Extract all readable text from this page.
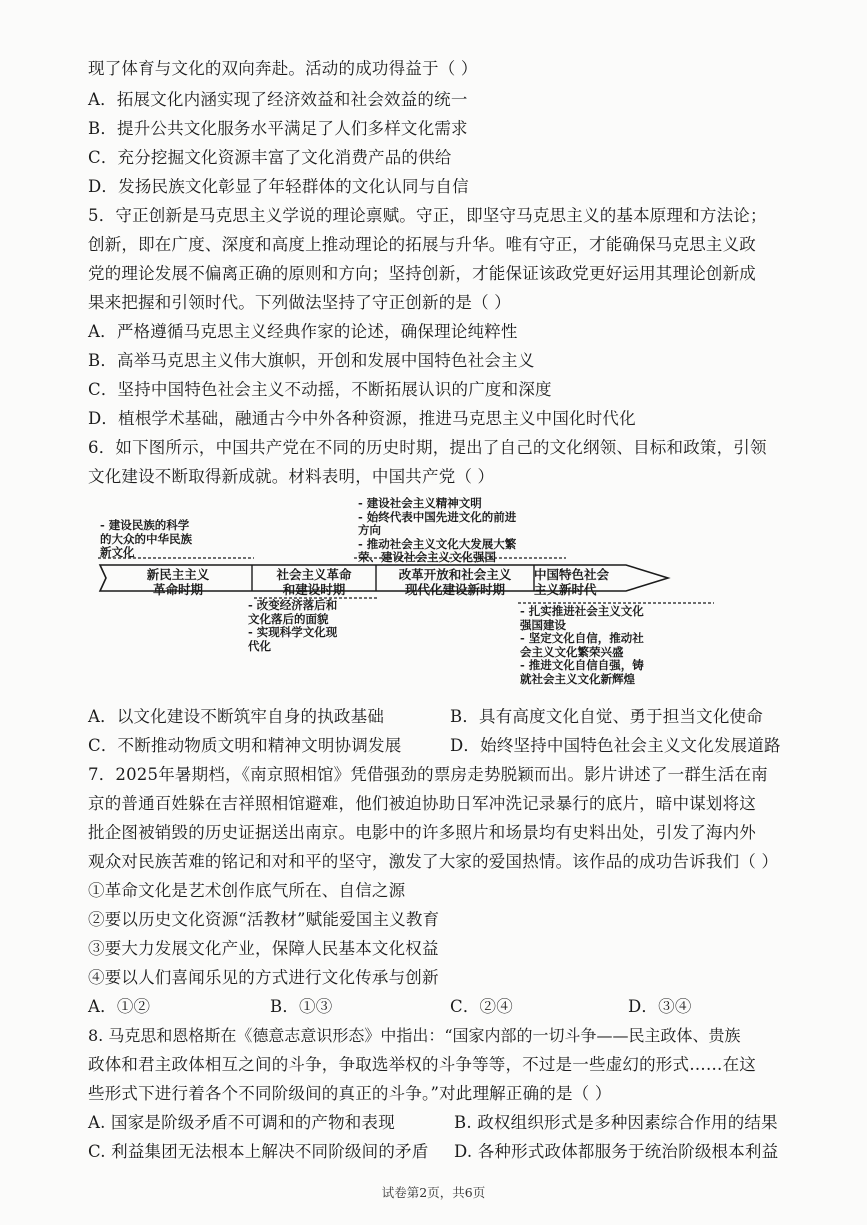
现了体育与文化的双向奔赴。活动的成功得益于（ ）
A．拓展文化内涵实现了经济效益和社会效益的统一
B．提升公共文化服务水平满足了人们多样文化需求
C．充分挖掘文化资源丰富了文化消费产品的供给
D．发扬民族文化彰显了年轻群体的文化认同与自信
5．守正创新是马克思主义学说的理论禀赋。守正，即坚守马克思主义的基本原理和方法论；
创新，即在广度、深度和高度上推动理论的拓展与升华。唯有守正，才能确保马克思主义政
党的理论发展不偏离正确的原则和方向；坚持创新，才能保证该政党更好运用其理论创新成
果来把握和引领时代。下列做法坚持了守正创新的是（ ）
A．严格遵循马克思主义经典作家的论述，确保理论纯粹性
B．高举马克思主义伟大旗帜，开创和发展中国特色社会主义
C．坚持中国特色社会主义不动摇，不断拓展认识的广度和深度
D．植根学术基础，融通古今中外各种资源，推进马克思主义中国化时代化
6．如下图所示，中国共产党在不同的历史时期，提出了自己的文化纲领、目标和政策，引领
文化建设不断取得新成就。材料表明，中国共产党（ ）
新民主主义
革命时期
社会主义革命
和建设时期
改革开放和社会主义
现代化建设新时期
中国特色社会
主义新时代
- 建设民族的科学
的大众的中华民族
新文化
- 改变经济落后和
文化落后的面貌
- 实现科学文化现
代化
- 建设社会主义精神文明
- 始终代表中国先进文化的前进
方向
- 推动社会主义文化大发展大繁
荣、建设社会主义文化强国
- 扎实推进社会主义文化
强国建设
- 坚定文化自信，推动社
会主义文化繁荣兴盛
- 推进文化自信自强，铸
就社会主义文化新辉煌
A．以文化建设不断筑牢自身的执政基础	B．具有高度文化自觉、勇于担当文化使命
C．不断推动物质文明和精神文明协调发展	D．始终坚持中国特色社会主义文化发展道路
7．2025年暑期档，《南京照相馆》凭借强劲的票房走势脱颖而出。影片讲述了一群生活在南
京的普通百姓躲在吉祥照相馆避难，他们被迫协助日军冲洗记录暴行的底片，暗中谋划将这
批企图被销毁的历史证据送出南京。电影中的许多照片和场景均有史料出处，引发了海内外
观众对民族苦难的铭记和对和平的坚守，激发了大家的爱国热情。该作品的成功告诉我们（ ）
①革命文化是艺术创作底气所在、自信之源
②要以历史文化资源“活教材”赋能爱国主义教育
③要大力发展文化产业，保障人民基本文化权益
④要以人们喜闻乐见的方式进行文化传承与创新
A．①②	B．①③	C．②④	D．③④
8. 马克思和恩格斯在《德意志意识形态》中指出：“国家内部的一切斗争——民主政体、贵族
政体和君主政体相互之间的斗争，争取选举权的斗争等等，不过是一些虚幻的形式……在这
些形式下进行着各个不同阶级间的真正的斗争。”对此理解正确的是（ ）
A. 国家是阶级矛盾不可调和的产物和表现	B. 政权组织形式是多种因素综合作用的结果
C. 利益集团无法根本上解决不同阶级间的矛盾	D. 各种形式政体都服务于统治阶级根本利益
试卷第2页，共6页
